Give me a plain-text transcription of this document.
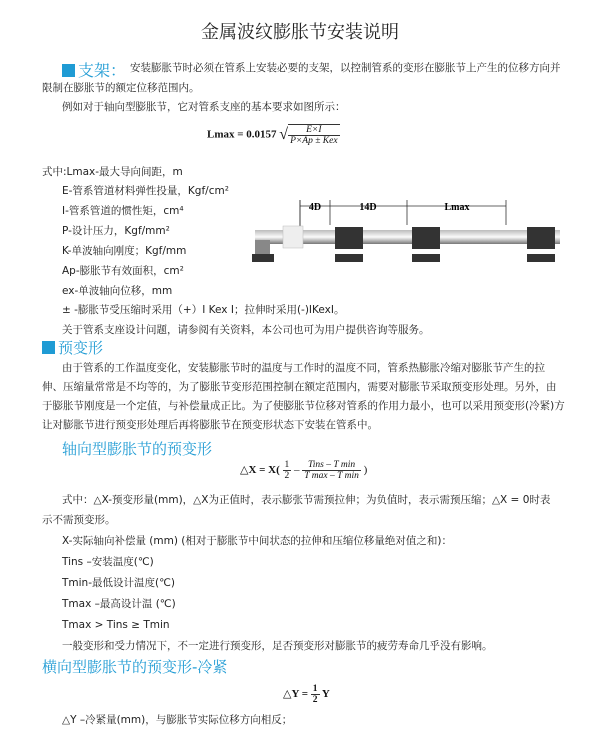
金属波纹膨胀节安装说明
支架： 安装膨胀节时必须在管系上安装必要的支架，以控制管系的变形在膨胀节上产生的位移方向并
限制在膨胀节的额定位移范围内。
例如对于轴向型膨胀节，它对管系支座的基本要求如图所示：
Lmax = 0.0157 √ $\frac{E\times I}{\text{P×Ap ± Kex}}$
式中:Lmax-最大导向间距，m
E-管系管道材料弹性投量，Kgf/cm²
I-管系管道的惯性矩，cm⁴
P-设计压力，Kgf/mm²
K-单波轴向刚度；Kgf/mm
Ap-膨胀节有效面积，cm²
ex-单波轴向位移，mm
± -膨胀节受压缩时采用（+）I Kex I；拉伸时采用(-)IKexI。
关于管系支座设计问题，请参阅有关资料，本公司也可为用户提供咨询等服务。
4D	14D	Lmax
预变形
由于管系的工作温度变化，安装膨胀节时的温度与工作时的温度不同，管系热膨胀冷缩对膨胀节产生的拉
伸、压缩量常常是不均等的，为了膨胀节变形范围控制在额定范围内，需要对膨胀节采取预变形处理。另外，由
于膨胀节刚度是一个定值，与补偿量成正比。为了使膨胀节位移对管系的作用力最小，也可以采用预变形(冷紧)方
让对膨胀节进行预变形处理后再将膨胀节在预变形状态下安装在管系中。
轴向型膨胀节的预变形
△X = $X( \frac{1}{2} - \frac{\text{Tins – T min}}{\text{T max – T min}}$ )
式中：△X-预变形量(mm)，△X为正值时，表示膨张节需预拉伸；为负值时，表示需预压缩；△X = 0时表
示不需预变形。
X-实际轴向补偿量 (mm) (相对于膨胀节中间状态的拉伸和压缩位移量绝对值之和)：
Tins –安装温度(℃)
Tmin-最低设计温度(℃)
Tmax –最高设计温 (℃)
Tmax > Tins ≥ Tmin
一般变形和受力情况下，不一定进行预变形，足否预变形对膨胀节的疲劳寿命几乎没有影响。
横向型膨胀节的预变形-冷紧
△Y = $\frac{1}{2}$ Y
△Y –冷紧量(mm)，与膨胀节实际位移方向相反；
